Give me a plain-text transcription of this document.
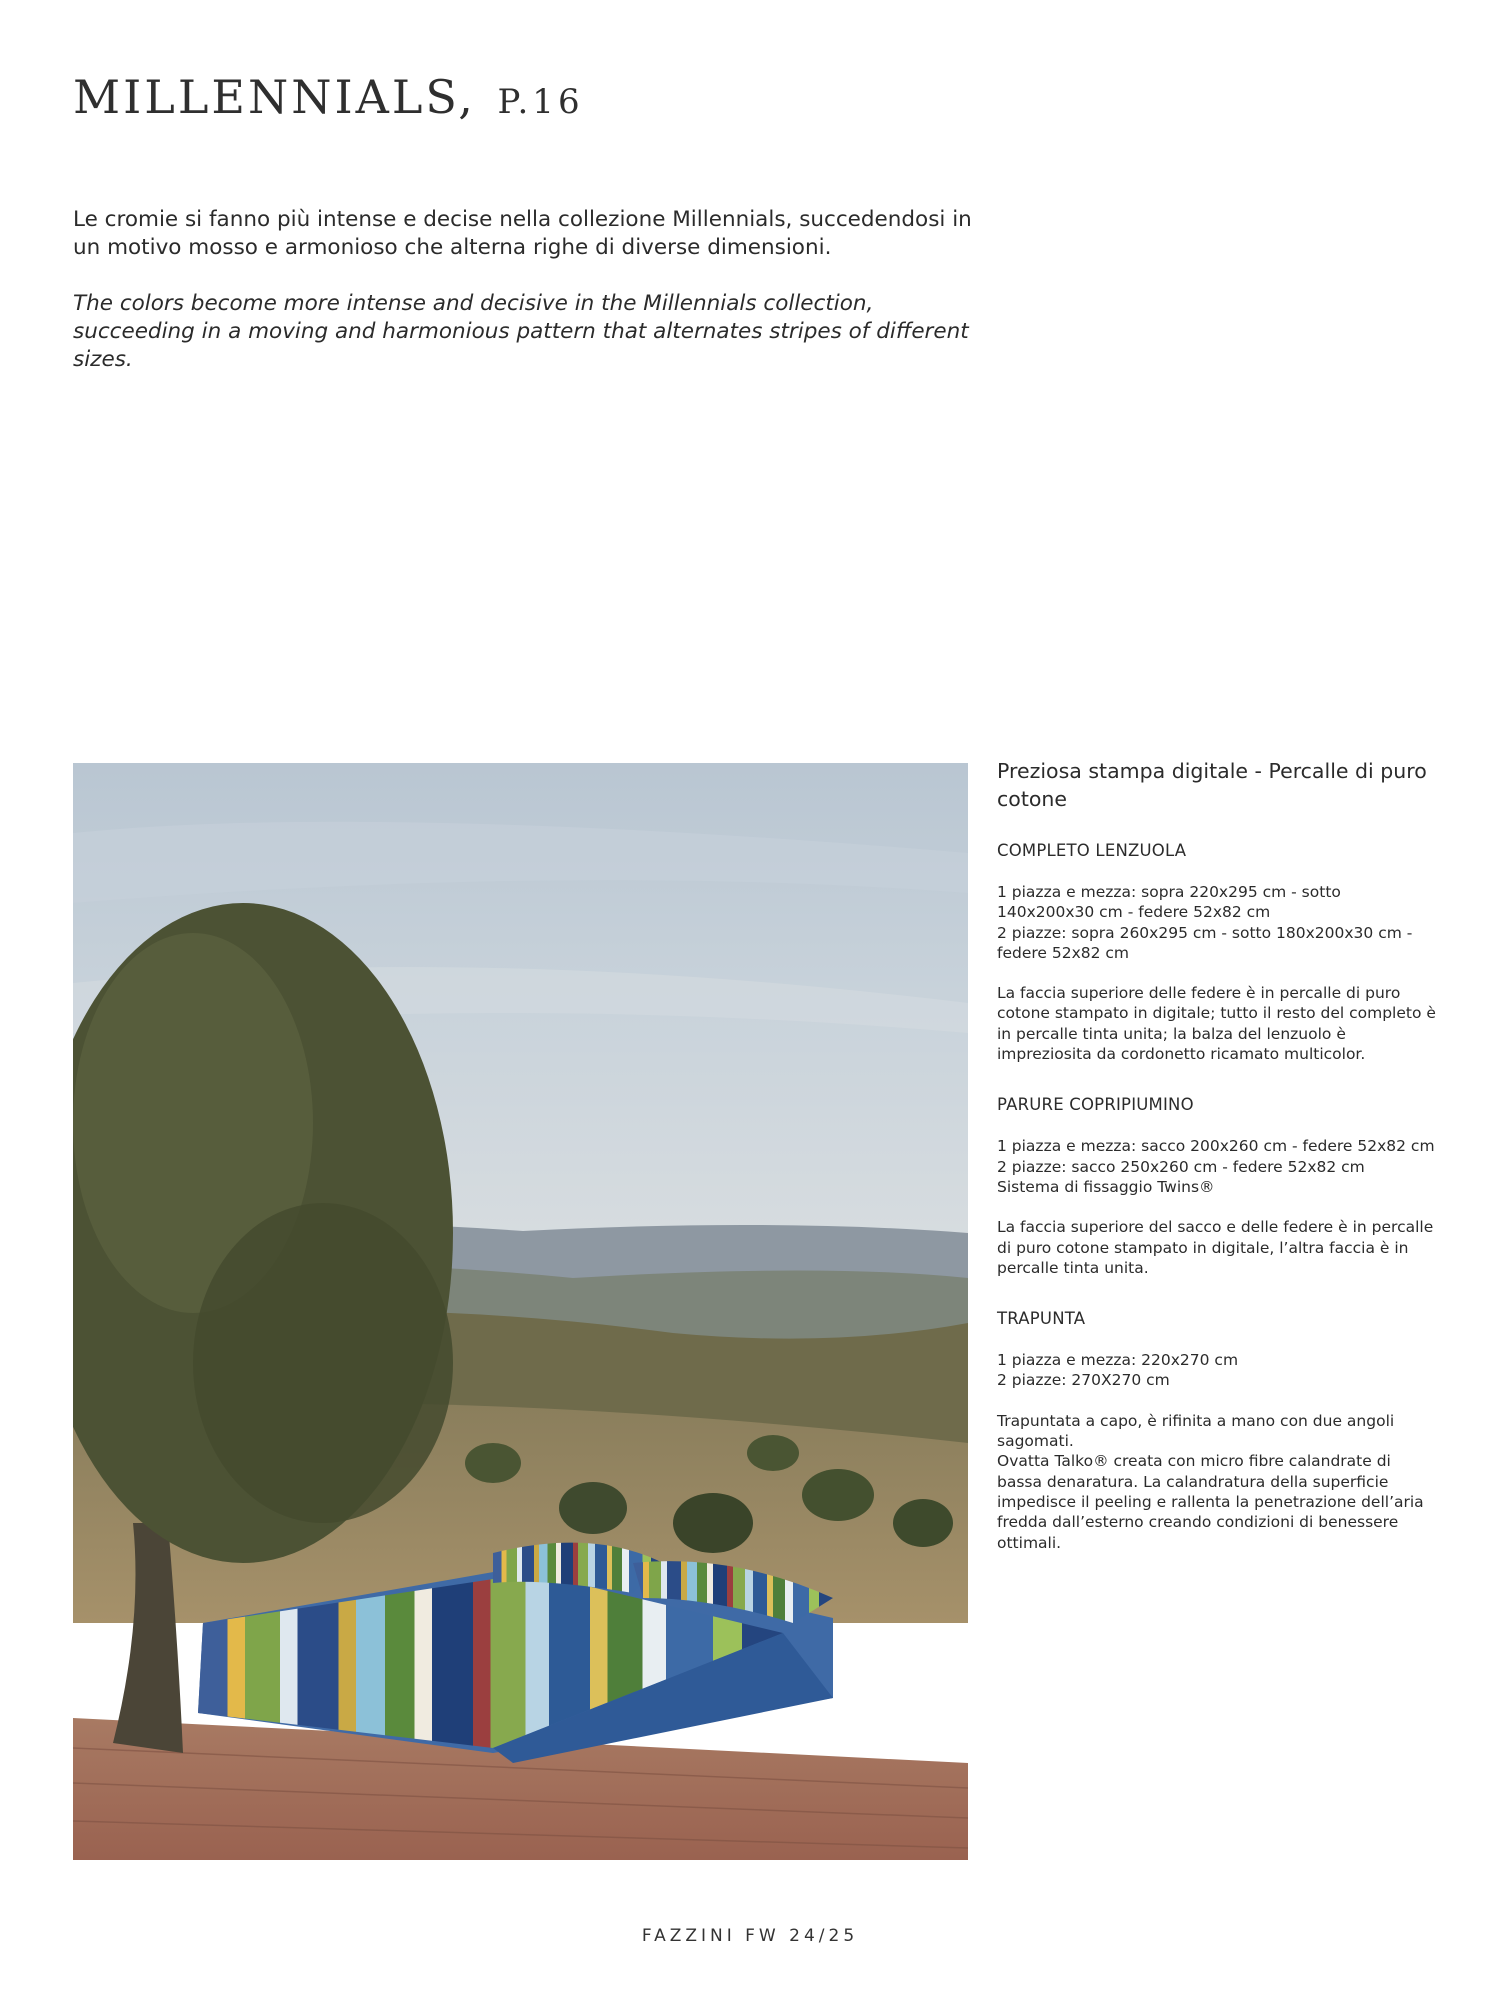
MILLENNIALS, P.16

Le cromie si fanno più intense e decise nella collezione Millennials, succedendosi in un motivo mosso e armonioso che alterna righe di diverse dimensioni.

The colors become more intense and decisive in the Millennials collection, succeeding in a moving and harmonious pattern that alternates stripes of different sizes.

Preziosa stampa digitale - Percalle di puro cotone

COMPLETO LENZUOLA

1 piazza e mezza: sopra 220x295 cm - sotto 140x200x30 cm - federe 52x82 cm
2 piazze: sopra 260x295 cm - sotto 180x200x30 cm - federe 52x82 cm

La faccia superiore delle federe è in percalle di puro cotone stampato in digitale; tutto il resto del completo è in percalle tinta unita; la balza del lenzuolo è impreziosita da cordonetto ricamato multicolor.

PARURE COPRIPIUMINO

1 piazza e mezza: sacco 200x260 cm - federe 52x82 cm
2 piazze: sacco 250x260 cm - federe 52x82 cm
Sistema di fissaggio Twins®

La faccia superiore del sacco e delle federe è in percalle di puro cotone stampato in digitale, l’altra faccia è in percalle tinta unita.

TRAPUNTA

1 piazza e mezza: 220x270 cm
2 piazze: 270X270 cm

Trapuntata a capo, è rifinita a mano con due angoli sagomati.
Ovatta Talko® creata con micro fibre calandrate di bassa denaratura. La calandratura della superficie impedisce il peeling e rallenta la penetrazione dell’aria fredda dall’esterno creando condizioni di benessere ottimali.

FAZZINI FW 24/25
